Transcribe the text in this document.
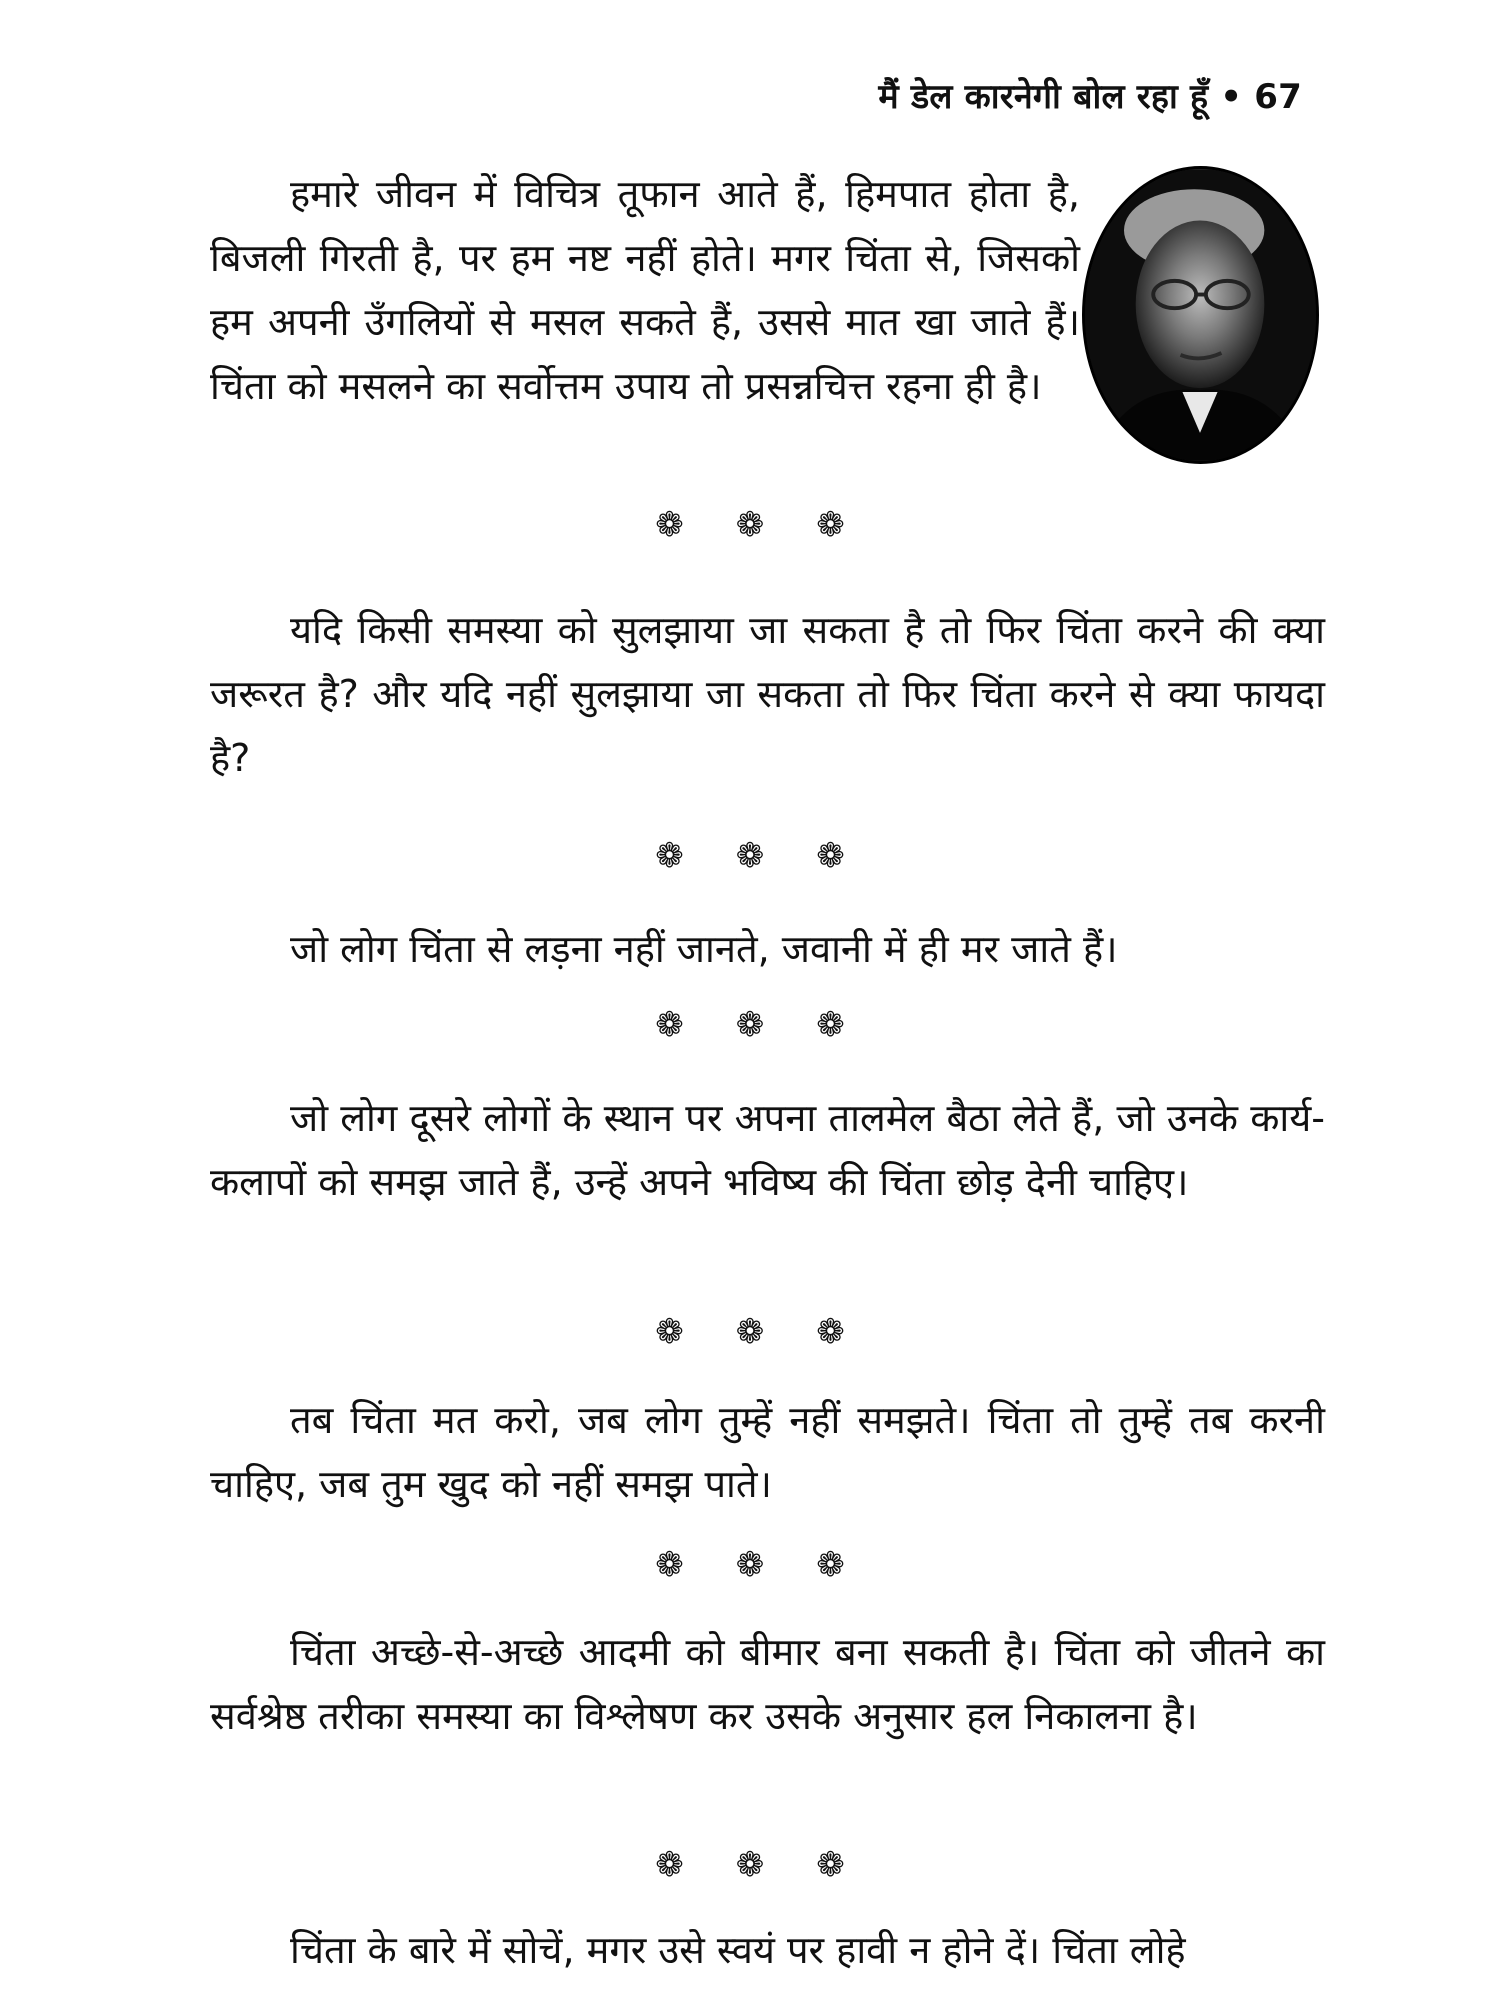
मैं डेल कारनेगी बोल रहा हूँ • 67

हमारे जीवन में विचित्र तूफान आते हैं, हिमपात होता है, बिजली गिरती है, पर हम नष्ट नहीं होते। मगर चिंता से, जिसको हम अपनी उँगलियों से मसल सकते हैं, उससे मात खा जाते हैं। चिंता को मसलने का सर्वोत्तम उपाय तो प्रसन्नचित्त रहना ही है।

❁ ❁ ❁

यदि किसी समस्या को सुलझाया जा सकता है तो फिर चिंता करने की क्या जरूरत है? और यदि नहीं सुलझाया जा सकता तो फिर चिंता करने से क्या फायदा है?

❁ ❁ ❁

जो लोग चिंता से लड़ना नहीं जानते, जवानी में ही मर जाते हैं।

❁ ❁ ❁

जो लोग दूसरे लोगों के स्थान पर अपना तालमेल बैठा लेते हैं, जो उनके कार्य-कलापों को समझ जाते हैं, उन्हें अपने भविष्य की चिंता छोड़ देनी चाहिए।

❁ ❁ ❁

तब चिंता मत करो, जब लोग तुम्हें नहीं समझते। चिंता तो तुम्हें तब करनी चाहिए, जब तुम खुद को नहीं समझ पाते।

❁ ❁ ❁

चिंता अच्छे-से-अच्छे आदमी को बीमार बना सकती है। चिंता को जीतने का सर्वश्रेष्ठ तरीका समस्या का विश्लेषण कर उसके अनुसार हल निकालना है।

❁ ❁ ❁

चिंता के बारे में सोचें, मगर उसे स्वयं पर हावी न होने दें। चिंता लोहे
